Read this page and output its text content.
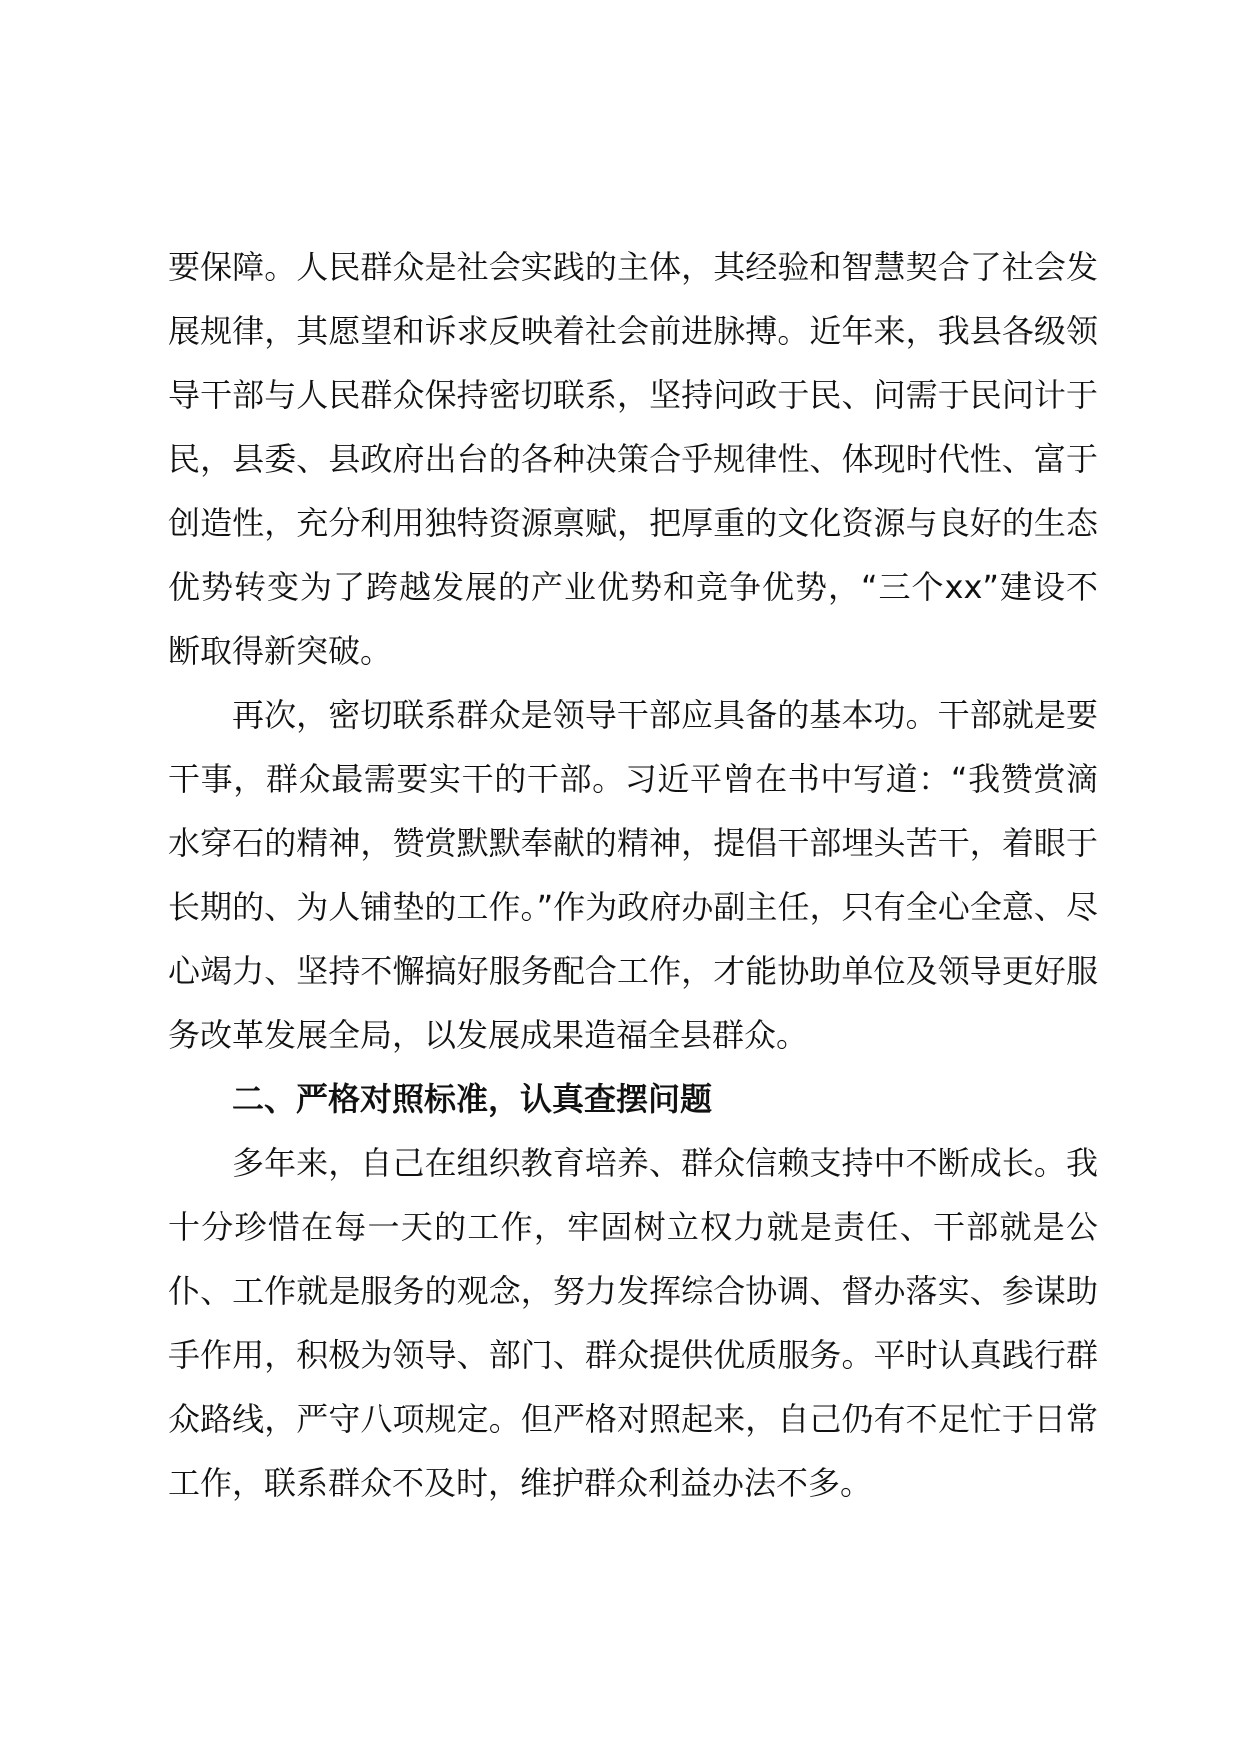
要保障。人民群众是社会实践的主体，其经验和智慧契合了社会发展规律，其愿望和诉求反映着社会前进脉搏。近年来，我县各级领导干部与人民群众保持密切联系，坚持问政于民、问需于民问计于民，县委、县政府出台的各种决策合乎规律性、体现时代性、富于创造性，充分利用独特资源禀赋，把厚重的文化资源与良好的生态优势转变为了跨越发展的产业优势和竞争优势，“三个xx”建设不断取得新突破。

再次，密切联系群众是领导干部应具备的基本功。干部就是要干事，群众最需要实干的干部。习近平曾在书中写道：“我赞赏滴水穿石的精神，赞赏默默奉献的精神，提倡干部埋头苦干，着眼于长期的、为人铺垫的工作。”作为政府办副主任，只有全心全意、尽心竭力、坚持不懈搞好服务配合工作，才能协助单位及领导更好服务改革发展全局，以发展成果造福全县群众。

二、严格对照标准，认真查摆问题

多年来，自己在组织教育培养、群众信赖支持中不断成长。我十分珍惜在每一天的工作，牢固树立权力就是责任、干部就是公仆、工作就是服务的观念，努力发挥综合协调、督办落实、参谋助手作用，积极为领导、部门、群众提供优质服务。平时认真践行群众路线，严守八项规定。但严格对照起来，自己仍有不足忙于日常工作，联系群众不及时，维护群众利益办法不多。
